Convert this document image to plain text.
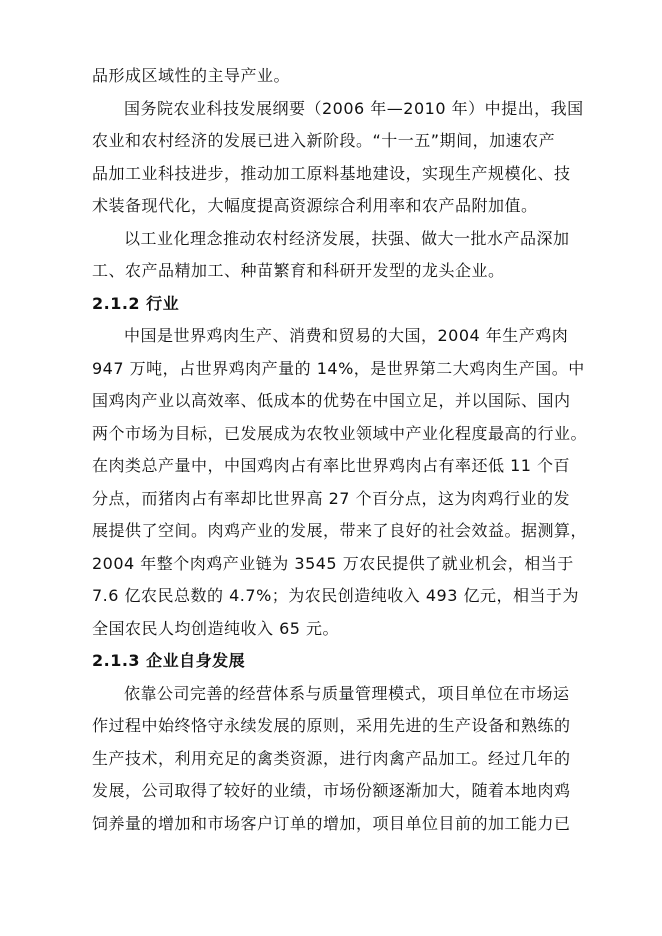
品形成区域性的主导产业。
国务院农业科技发展纲要（2006 年—2010 年）中提出，我国
农业和农村经济的发展已进入新阶段。“十一五”期间，加速农产
品加工业科技进步，推动加工原料基地建设，实现生产规模化、技
术装备现代化，大幅度提高资源综合利用率和农产品附加值。
以工业化理念推动农村经济发展，扶强、做大一批水产品深加
工、农产品精加工、种苗繁育和科研开发型的龙头企业。
2.1.2 行业
中国是世界鸡肉生产、消费和贸易的大国，2004 年生产鸡肉
947 万吨，占世界鸡肉产量的 14%，是世界第二大鸡肉生产国。中
国鸡肉产业以高效率、低成本的优势在中国立足，并以国际、国内
两个市场为目标，已发展成为农牧业领域中产业化程度最高的行业。
在肉类总产量中，中国鸡肉占有率比世界鸡肉占有率还低 11 个百
分点，而猪肉占有率却比世界高 27 个百分点，这为肉鸡行业的发
展提供了空间。肉鸡产业的发展，带来了良好的社会效益。据测算，
2004 年整个肉鸡产业链为 3545 万农民提供了就业机会，相当于
7.6 亿农民总数的 4.7%；为农民创造纯收入 493 亿元，相当于为
全国农民人均创造纯收入 65 元。
2.1.3 企业自身发展
依靠公司完善的经营体系与质量管理模式，项目单位在市场运
作过程中始终恪守永续发展的原则，采用先进的生产设备和熟练的
生产技术，利用充足的禽类资源，进行肉禽产品加工。经过几年的
发展，公司取得了较好的业绩，市场份额逐渐加大，随着本地肉鸡
饲养量的增加和市场客户订单的增加，项目单位目前的加工能力已
